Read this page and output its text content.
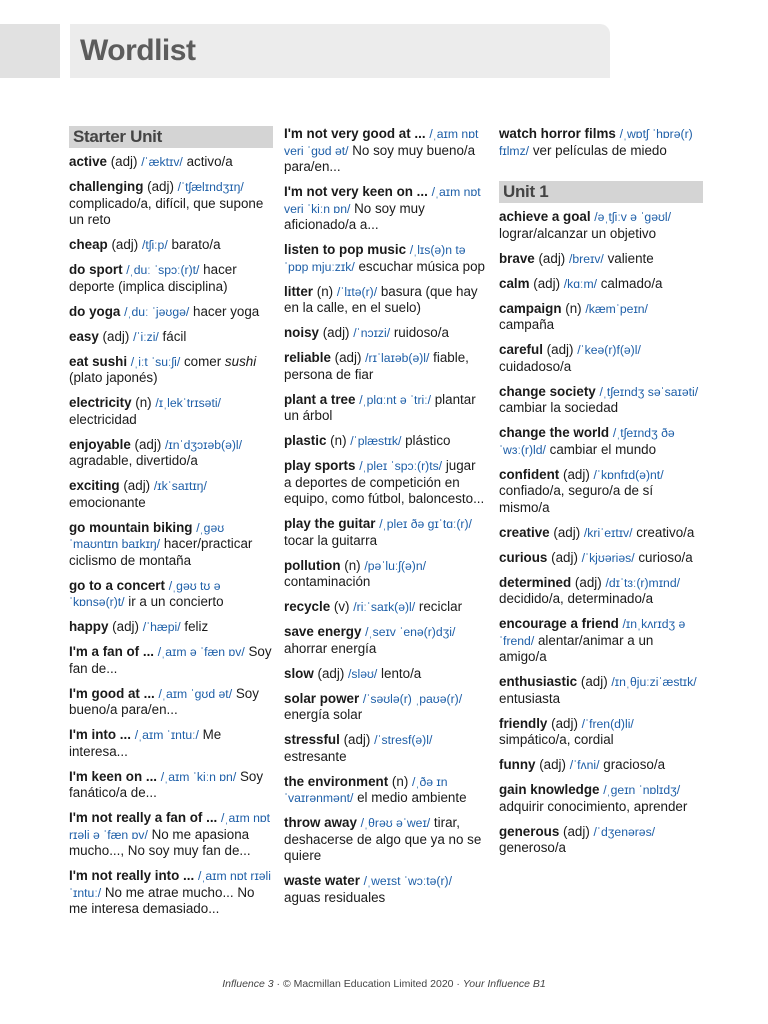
Wordlist
Starter Unit
active (adj) /ˈæktɪv/ activo/a
challenging (adj) /ˈtʃælɪndʒɪŋ/ complicado/a, difícil, que supone un reto
cheap (adj) /tʃiːp/ barato/a
do sport /ˌduː ˈspɔː(r)t/ hacer deporte (implica disciplina)
do yoga /ˌduː ˈjəʊɡə/ hacer yoga
easy (adj) /ˈiːzi/ fácil
eat sushi /ˌiːt ˈsuːʃi/ comer sushi (plato japonés)
electricity (n) /ɪˌlekˈtrɪsəti/ electricidad
enjoyable (adj) /ɪnˈdʒɔɪəb(ə)l/ agradable, divertido/a
exciting (adj) /ɪkˈsaɪtɪŋ/ emocionante
go mountain biking /ˌɡəʊ ˈmaʊntɪn baɪkɪŋ/ hacer/practicar ciclismo de montaña
go to a concert /ˌɡəʊ tʊ ə ˈkɒnsə(r)t/ ir a un concierto
happy (adj) /ˈhæpi/ feliz
I'm a fan of ... /ˌaɪm ə ˈfæn ɒv/ Soy fan de...
I'm good at ... /ˌaɪm ˈɡʊd ət/ Soy bueno/a para/en...
I'm into ... /ˌaɪm ˈɪntuː/ Me interesa...
I'm keen on ... /ˌaɪm ˈkiːn ɒn/ Soy fanático/a de...
I'm not really a fan of ... /ˌaɪm nɒt rɪəli ə ˈfæn ɒv/ No me apasiona mucho..., No soy muy fan de...
I'm not really into ... /ˌaɪm nɒt rɪəli ˈɪntuː/ No me atrae mucho... No me interesa demasiado...
I'm not very good at ... /ˌaɪm nɒt veri ˈɡʊd ət/ No soy muy bueno/a para/en...
I'm not very keen on ... /ˌaɪm nɒt veri ˈkiːn ɒn/ No soy muy aficionado/a a...
listen to pop music /ˌlɪs(ə)n tə ˈpɒp mjuːzɪk/ escuchar música pop
litter (n) /ˈlɪtə(r)/ basura (que hay en la calle, en el suelo)
noisy (adj) /ˈnɔɪzi/ ruidoso/a
reliable (adj) /rɪˈlaɪəb(ə)l/ fiable, persona de fiar
plant a tree /ˌplɑːnt ə ˈtriː/ plantar un árbol
plastic (n) /ˈplæstɪk/ plástico
play sports /ˌpleɪ ˈspɔː(r)ts/ jugar a deportes de competición en equipo, como fútbol, baloncesto...
play the guitar /ˌpleɪ ðə ɡɪˈtɑː(r)/ tocar la guitarra
pollution (n) /pəˈluːʃ(ə)n/ contaminación
recycle (v) /riːˈsaɪk(ə)l/ reciclar
save energy /ˌseɪv ˈenə(r)dʒi/ ahorrar energía
slow (adj) /sləʊ/ lento/a
solar power /ˈsəʊlə(r) ˌpaʊə(r)/ energía solar
stressful (adj) /ˈstresf(ə)l/ estresante
the environment (n) /ˌðə ɪnˈvaɪrənmənt/ el medio ambiente
throw away /ˌθrəʊ əˈweɪ/ tirar, deshacerse de algo que ya no se quiere
waste water /ˌweɪst ˈwɔːtə(r)/ aguas residuales
watch horror films /ˌwɒtʃ ˈhɒrə(r) fɪlmz/ ver películas de miedo
Unit 1
achieve a goal /əˌtʃiːv ə ˈɡəʊl/ lograr/alcanzar un objetivo
brave (adj) /breɪv/ valiente
calm (adj) /kɑːm/ calmado/a
campaign (n) /kæmˈpeɪn/ campaña
careful (adj) /ˈkeə(r)f(ə)l/ cuidadoso/a
change society /ˌtʃeɪndʒ səˈsaɪəti/ cambiar la sociedad
change the world /ˌtʃeɪndʒ ðə ˈwɜː(r)ld/ cambiar el mundo
confident (adj) /ˈkɒnfɪd(ə)nt/ confiado/a, seguro/a de sí mismo/a
creative (adj) /kriˈeɪtɪv/ creativo/a
curious (adj) /ˈkjʊəriəs/ curioso/a
determined (adj) /dɪˈtɜː(r)mɪnd/ decidido/a, determinado/a
encourage a friend /ɪnˌkʌrɪdʒ ə ˈfrend/ alentar/animar a un amigo/a
enthusiastic (adj) /ɪnˌθjuːziˈæstɪk/ entusiasta
friendly (adj) /ˈfren(d)li/ simpático/a, cordial
funny (adj) /ˈfʌni/ gracioso/a
gain knowledge /ˌɡeɪn ˈnɒlɪdʒ/ adquirir conocimiento, aprender
generous (adj) /ˈdʒenərəs/ generoso/a
Influence 3 · © Macmillan Education Limited 2020 · Your Influence B1
